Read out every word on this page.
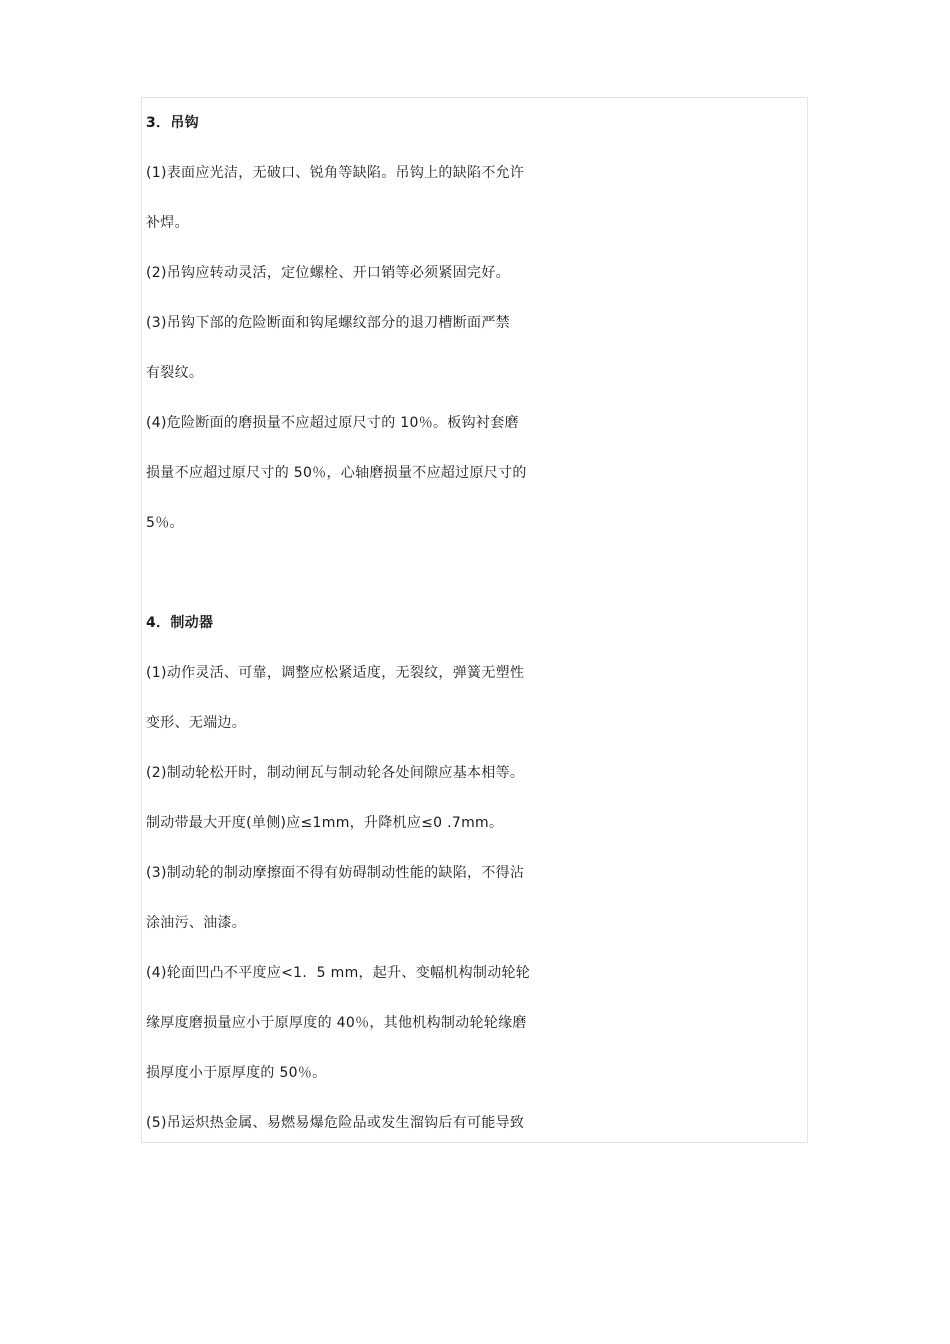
3．吊钩
(1)表面应光洁，无破口、锐角等缺陷。吊钩上的缺陷不允许
补焊。
(2)吊钩应转动灵活，定位螺栓、开口销等必须紧固完好。
(3)吊钩下部的危险断面和钩尾螺纹部分的退刀槽断面严禁
有裂纹。
(4)危险断面的磨损量不应超过原尺寸的 10％。板钩衬套磨
损量不应超过原尺寸的 50％，心轴磨损量不应超过原尺寸的
5％。
4．制动器
(1)动作灵活、可靠，调整应松紧适度，无裂纹，弹簧无塑性
变形、无端边。
(2)制动轮松开时，制动闸瓦与制动轮各处间隙应基本相等。
制动带最大开度(单侧)应≤1mm，升降机应≤0 .7mm。
(3)制动轮的制动摩擦面不得有妨碍制动性能的缺陷，不得沾
涂油污、油漆。
(4)轮面凹凸不平度应<1．5 mm，起升、变幅机构制动轮轮
缘厚度磨损量应小于原厚度的 40％，其他机构制动轮轮缘磨
损厚度小于原厚度的 50％。
(5)吊运炽热金属、易燃易爆危险品或发生溜钩后有可能导致
